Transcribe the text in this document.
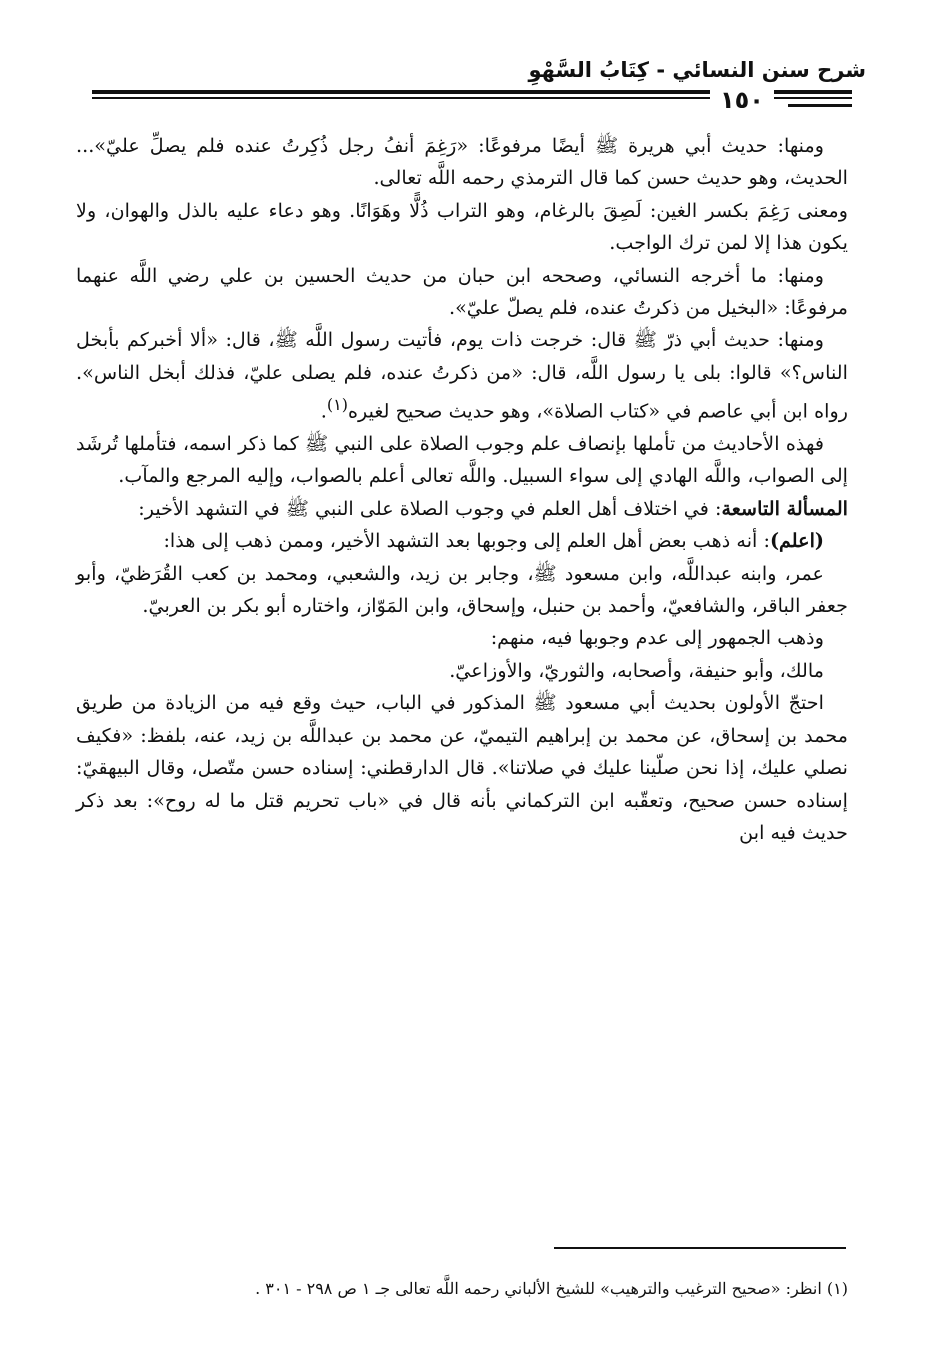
شرح سنن النسائي - كِتَابُ السَّهْوِ
١٥٠

ومنها: حديث أبي هريرة ﷺ أيضًا مرفوعًا: «رَغِمَ أنفُ رجل ذُكِرتُ عنده فلم يصلِّ عليّ»... الحديث، وهو حديث حسن كما قال الترمذي رحمه اللَّه تعالى.

ومعنى رَغِمَ بكسر الغين: لَصِقَ بالرغام، وهو التراب ذُلًّا وهَوَانًا. وهو دعاء عليه بالذل والهوان، ولا يكون هذا إلا لمن ترك الواجب.

ومنها: ما أخرجه النسائي، وصححه ابن حبان من حديث الحسين بن علي رضي اللَّه عنهما مرفوعًا: «البخيل من ذكرتُ عنده، فلم يصلّ عليّ».

ومنها: حديث أبي ذرّ ﷺ قال: خرجت ذات يوم، فأتيت رسول اللَّه ﷺ، قال: «ألا أخبركم بأبخل الناس؟» قالوا: بلى يا رسول اللَّه، قال: «من ذكرتُ عنده، فلم يصلى عليّ، فذلك أبخل الناس». رواه ابن أبي عاصم في «كتاب الصلاة»، وهو حديث صحيح لغيره$^{(١)}$.

فهذه الأحاديث من تأملها بإنصاف علم وجوب الصلاة على النبي ﷺ كما ذكر اسمه، فتأملها تُرشَد إلى الصواب، واللَّه الهادي إلى سواء السبيل. واللَّه تعالى أعلم بالصواب، وإليه المرجع والمآب.

المسألة التاسعة: في اختلاف أهل العلم في وجوب الصلاة على النبي ﷺ في التشهد الأخير:

(اعلم): أنه ذهب بعض أهل العلم إلى وجوبها بعد التشهد الأخير، وممن ذهب إلى هذا:

عمر، وابنه عبداللَّه، وابن مسعود ﷺ، وجابر بن زيد، والشعبي، ومحمد بن كعب القُرَظيّ، وأبو جعفر الباقر، والشافعيّ، وأحمد بن حنبل، وإسحاق، وابن المَوّاز، واختاره أبو بكر بن العربيّ.

وذهب الجمهور إلى عدم وجوبها فيه، منهم:

مالك، وأبو حنيفة، وأصحابه، والثوريّ، والأوزاعيّ.

احتجّ الأولون بحديث أبي مسعود ﷺ المذكور في الباب، حيث وقع فيه من الزيادة من طريق محمد بن إسحاق، عن محمد بن إبراهيم التيميّ، عن محمد بن عبداللَّه بن زيد، عنه، بلفظ: «فكيف نصلي عليك، إذا نحن صلّينا عليك في صلاتنا». قال الدارقطني: إسناده حسن متّصل، وقال البيهقيّ: إسناده حسن صحيح، وتعقّبه ابن التركماني بأنه قال في «باب تحريم قتل ما له روح»: بعد ذكر حديث فيه ابن

(١) انظر: «صحيح الترغيب والترهيب» للشيخ الألباني رحمه اللَّه تعالى جـ ١ ص ٢٩٨ - ٣٠١ .
